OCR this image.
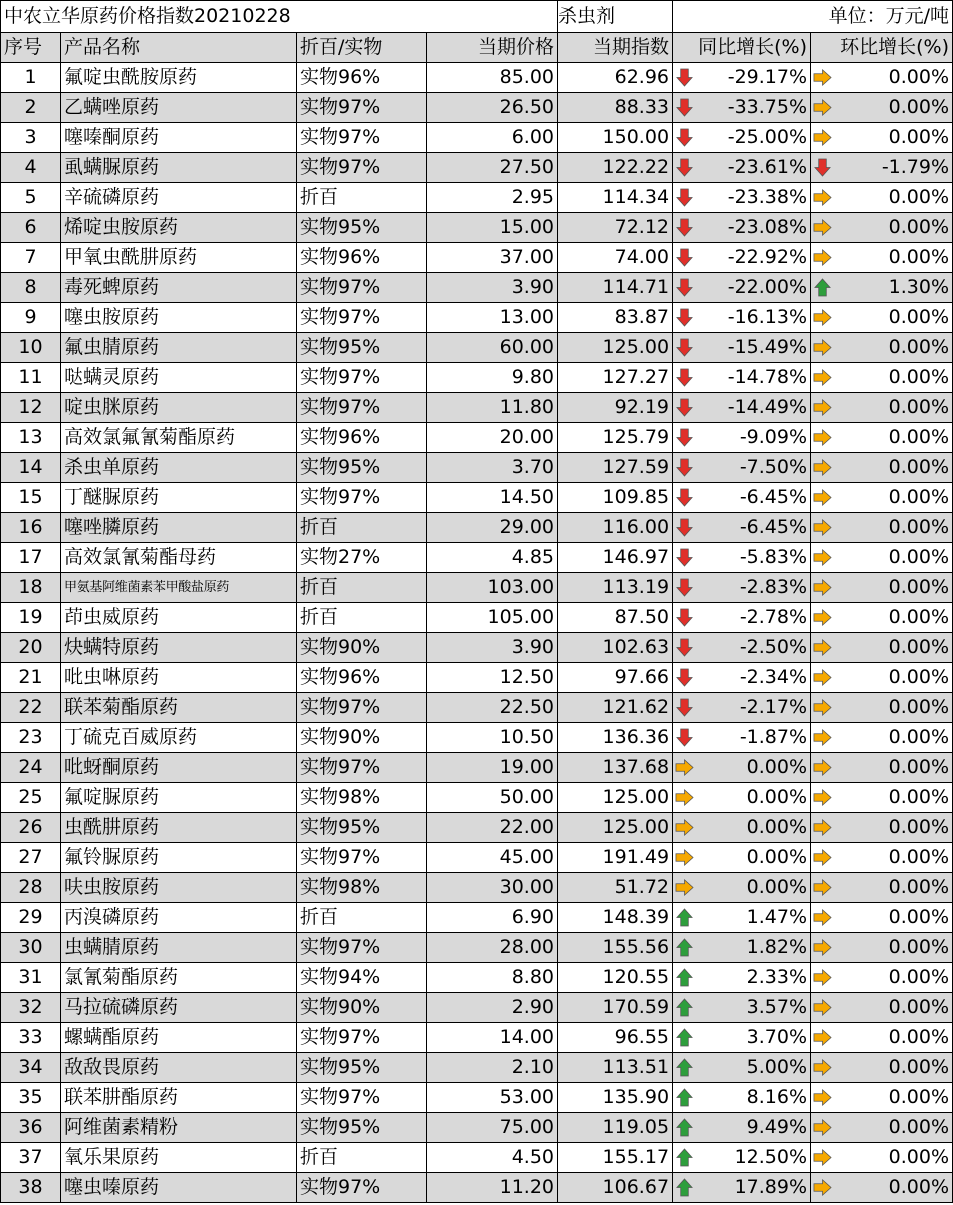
中农立华原药价格指数20210228				杀虫剂	单位：万元/吨	
序号	产品名称	折百/实物	当期价格	当期指数	同比增长(%)	环比增长(%)
1	氟啶虫酰胺原药	实物96%	85.00	62.96	-29.17%	0.00%
2	乙螨唑原药	实物97%	26.50	88.33	-33.75%	0.00%
3	噻嗪酮原药	实物97%	6.00	150.00	-25.00%	0.00%
4	虱螨脲原药	实物97%	27.50	122.22	-23.61%	-1.79%
5	辛硫磷原药	折百	2.95	114.34	-23.38%	0.00%
6	烯啶虫胺原药	实物95%	15.00	72.12	-23.08%	0.00%
7	甲氧虫酰肼原药	实物96%	37.00	74.00	-22.92%	0.00%
8	毒死蜱原药	实物97%	3.90	114.71	-22.00%	1.30%
9	噻虫胺原药	实物97%	13.00	83.87	-16.13%	0.00%
10	氟虫腈原药	实物95%	60.00	125.00	-15.49%	0.00%
11	哒螨灵原药	实物97%	9.80	127.27	-14.78%	0.00%
12	啶虫脒原药	实物97%	11.80	92.19	-14.49%	0.00%
13	高效氯氟氰菊酯原药	实物96%	20.00	125.79	-9.09%	0.00%
14	杀虫单原药	实物95%	3.70	127.59	-7.50%	0.00%
15	丁醚脲原药	实物97%	14.50	109.85	-6.45%	0.00%
16	噻唑膦原药	折百	29.00	116.00	-6.45%	0.00%
17	高效氯氰菊酯母药	实物27%	4.85	146.97	-5.83%	0.00%
18	甲氨基阿维菌素苯甲酸盐原药	折百	103.00	113.19	-2.83%	0.00%
19	茚虫威原药	折百	105.00	87.50	-2.78%	0.00%
20	炔螨特原药	实物90%	3.90	102.63	-2.50%	0.00%
21	吡虫啉原药	实物96%	12.50	97.66	-2.34%	0.00%
22	联苯菊酯原药	实物97%	22.50	121.62	-2.17%	0.00%
23	丁硫克百威原药	实物90%	10.50	136.36	-1.87%	0.00%
24	吡蚜酮原药	实物97%	19.00	137.68	0.00%	0.00%
25	氟啶脲原药	实物98%	50.00	125.00	0.00%	0.00%
26	虫酰肼原药	实物95%	22.00	125.00	0.00%	0.00%
27	氟铃脲原药	实物97%	45.00	191.49	0.00%	0.00%
28	呋虫胺原药	实物98%	30.00	51.72	0.00%	0.00%
29	丙溴磷原药	折百	6.90	148.39	1.47%	0.00%
30	虫螨腈原药	实物97%	28.00	155.56	1.82%	0.00%
31	氯氰菊酯原药	实物94%	8.80	120.55	2.33%	0.00%
32	马拉硫磷原药	实物90%	2.90	170.59	3.57%	0.00%
33	螺螨酯原药	实物97%	14.00	96.55	3.70%	0.00%
34	敌敌畏原药	实物95%	2.10	113.51	5.00%	0.00%
35	联苯肼酯原药	实物97%	53.00	135.90	8.16%	0.00%
36	阿维菌素精粉	实物95%	75.00	119.05	9.49%	0.00%
37	氧乐果原药	折百	4.50	155.17	12.50%	0.00%
38	噻虫嗪原药	实物97%	11.20	106.67	17.89%	0.00%
